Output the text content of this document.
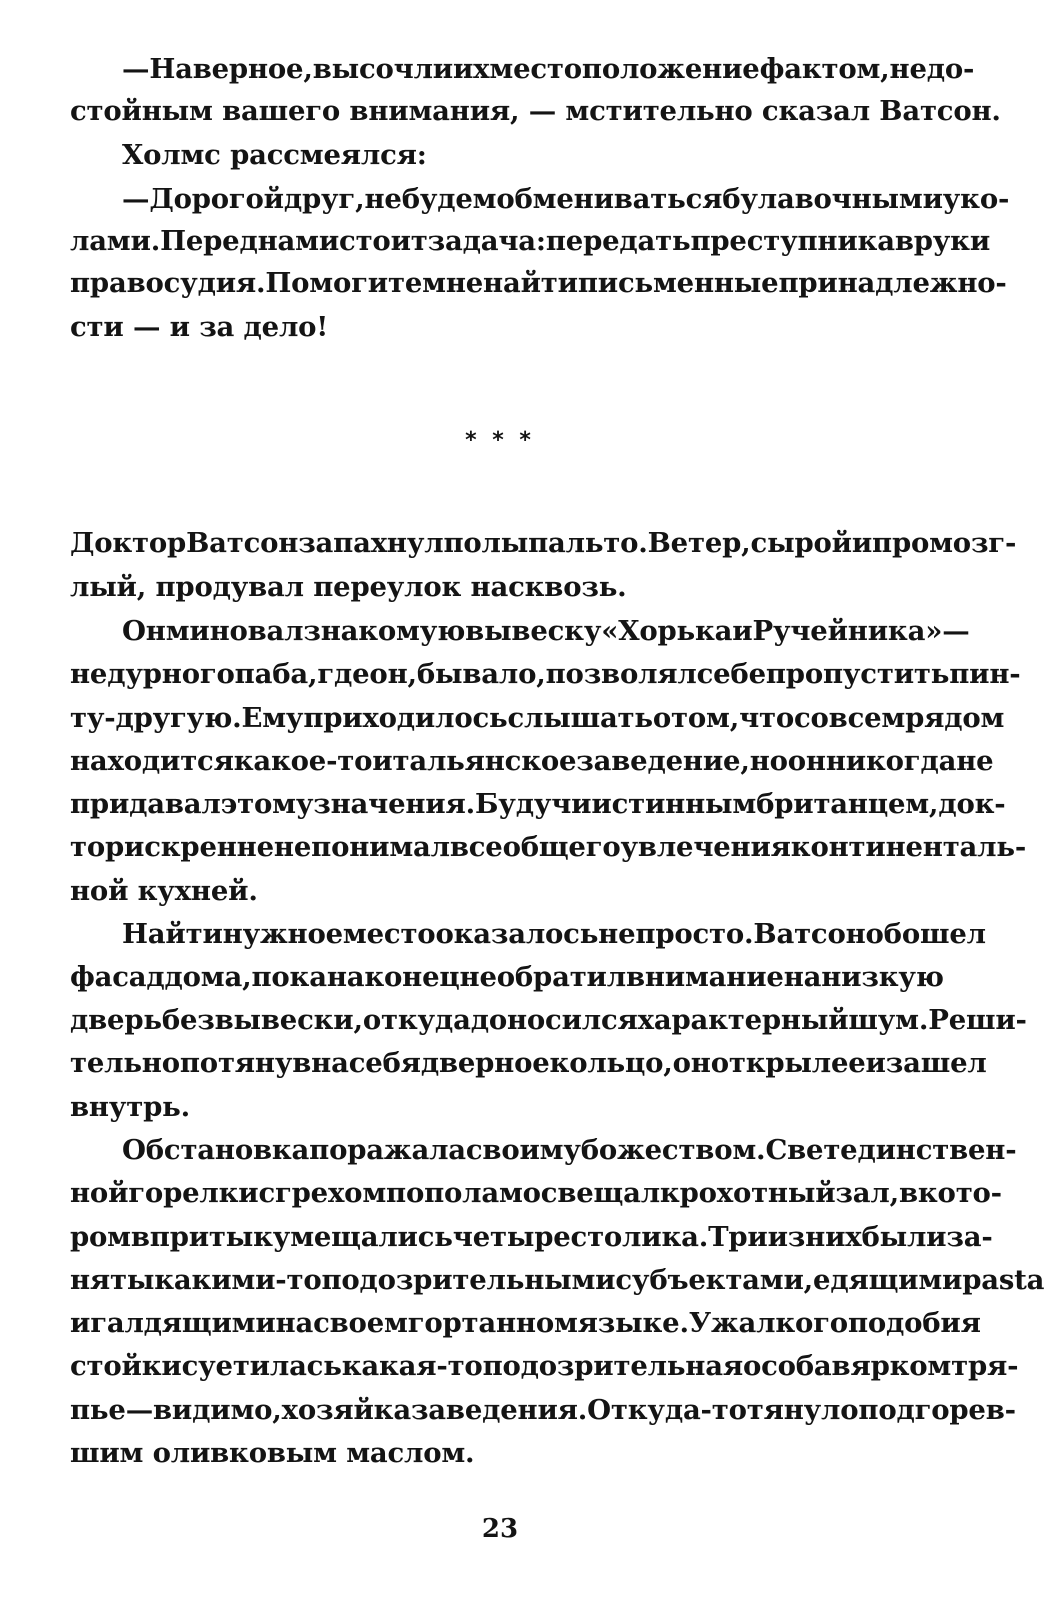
— Наверное, вы сочли их местоположение фактом, недо-
стойным вашего внимания, — мстительно сказал Ватсон.
Холмс рассмеялся:
— Дорогой друг, не будем обмениваться булавочными уко-
лами. Перед нами стоит задача: передать преступника в руки
правосудия. Помогите мне найти письменные принадлежно-
сти — и за дело!
Доктор Ватсон запахнул полы пальто. Ветер, сырой и промозг-
лый, продувал переулок насквозь.
Он миновал знакомую вывеску «Хорька и Ручейника» —
недурного паба, где он, бывало, позволял себе пропустить пин-
ту-другую. Ему приходилось слышать о том, что совсем рядом
находится какое-то итальянское заведение, но он никогда не
придавал этому значения. Будучи истинным британцем, док-
тор искренне не понимал всеобщего увлечения континенталь-
ной кухней.
Найти нужное место оказалось непросто. Ватсон обошел
фасад дома, пока наконец не обратил внимание на низкую
дверь без вывески, откуда доносился характерный шум. Реши-
тельно потянув на себя дверное кольцо, он открыл ее и зашел
внутрь.
Обстановка поражала своим убожеством. Свет единствен-
ной горелки с грехом пополам освещал крохотный зал, в кото-
ром впритык умещались четыре столика. Три из них были за-
няты какими-то подозрительными субъектами, едящими pasta
и галдящими на своем гортанном языке. У жалкого подобия
стойки суетилась какая-то подозрительная особа в ярком тря-
пье — видимо, хозяйка заведения. Откуда-то тянуло подгорев-
шим оливковым маслом.
* * *
23
